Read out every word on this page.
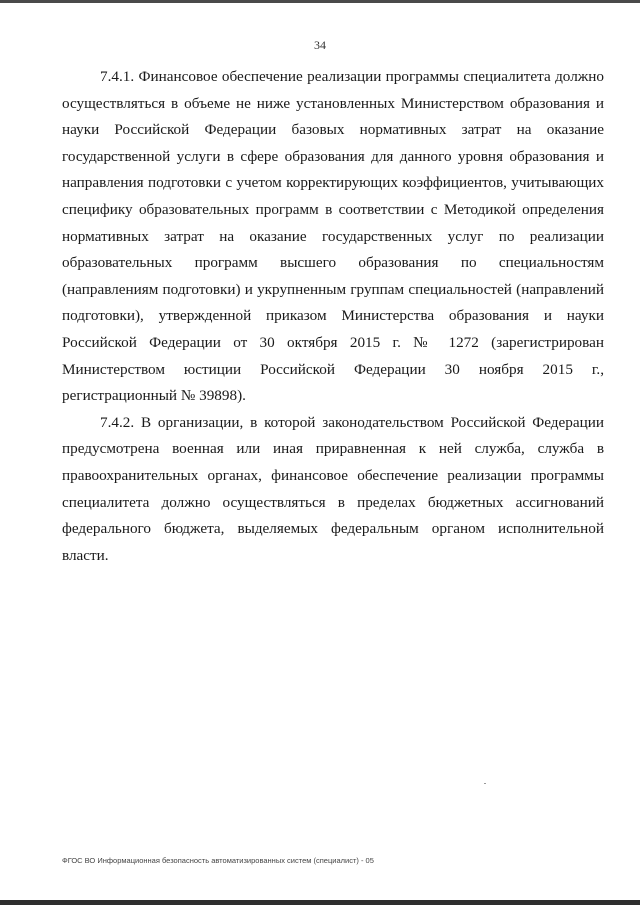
34

7.4.1. Финансовое обеспечение реализации программы специалитета должно осуществляться в объеме не ниже установленных Министерством образования и науки Российской Федерации базовых нормативных затрат на оказание государственной услуги в сфере образования для данного уровня образования и направления подготовки с учетом корректирующих коэффициентов, учитывающих специфику образовательных программ в соответствии с Методикой определения нормативных затрат на оказание государственных услуг по реализации образовательных программ высшего образования по специальностям (направлениям подготовки) и укрупненным группам специальностей (направлений подготовки), утвержденной приказом Министерства образования и науки Российской Федерации от 30 октября 2015 г. № 1272 (зарегистрирован Министерством юстиции Российской Федерации 30 ноября 2015 г., регистрационный № 39898).

7.4.2. В организации, в которой законодательством Российской Федерации предусмотрена военная или иная приравненная к ней служба, служба в правоохранительных органах, финансовое обеспечение реализации программы специалитета должно осуществляться в пределах бюджетных ассигнований федерального бюджета, выделяемых федеральным органом исполнительной власти.

ФГОС ВО Информационная безопасность автоматизированных систем (специалист) - 05
